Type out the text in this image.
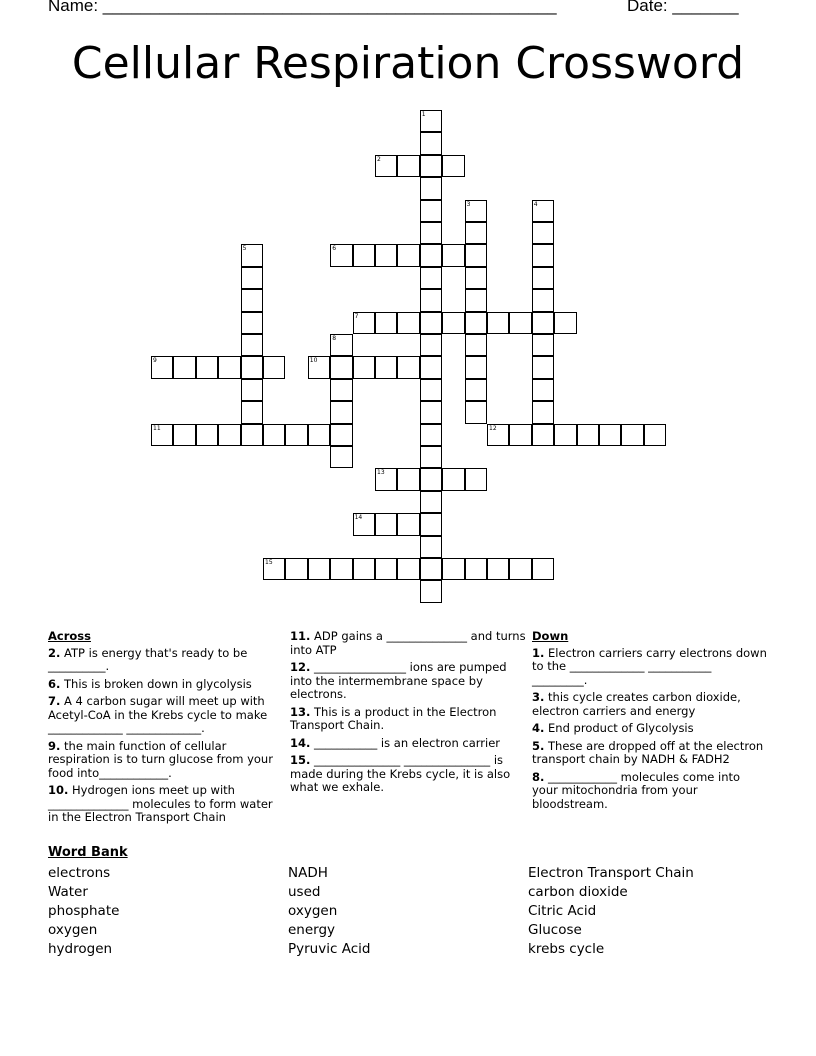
Name: ________________________________________________	Date: _______
Cellular Respiration Crossword
1
2
3	4
5	6
7
8
9	10
11	12
13
14
15
Across
2. ATP is energy that's ready to be __________.
6. This is broken down in glycolysis
7. A 4 carbon sugar will meet up with Acetyl-CoA in the Krebs cycle to make _____________ _____________.
9. the main function of cellular respiration is to turn glucose from your food into____________.
10. Hydrogen ions meet up with ______________ molecules to form water in the Electron Transport Chain
11. ADP gains a ______________ and turns into ATP
12. ________________ ions are pumped into the intermembrane space by electrons.
13. This is a product in the Electron Transport Chain.
14. ___________ is an electron carrier
15. _______________ _______________ is made during the Krebs cycle, it is also what we exhale.
Down
1. Electron carriers carry electrons down to the _____________ ___________ _________.
3. this cycle creates carbon dioxide, electron carriers and energy
4. End product of Glycolysis
5. These are dropped off at the electron transport chain by NADH & FADH2
8. ____________ molecules come into your mitochondria from your bloodstream.
Word Bank
electrons
Water
phosphate
oxygen
hydrogen
NADH
used
oxygen
energy
Pyruvic Acid
Electron Transport Chain
carbon dioxide
Citric Acid
Glucose
krebs cycle
